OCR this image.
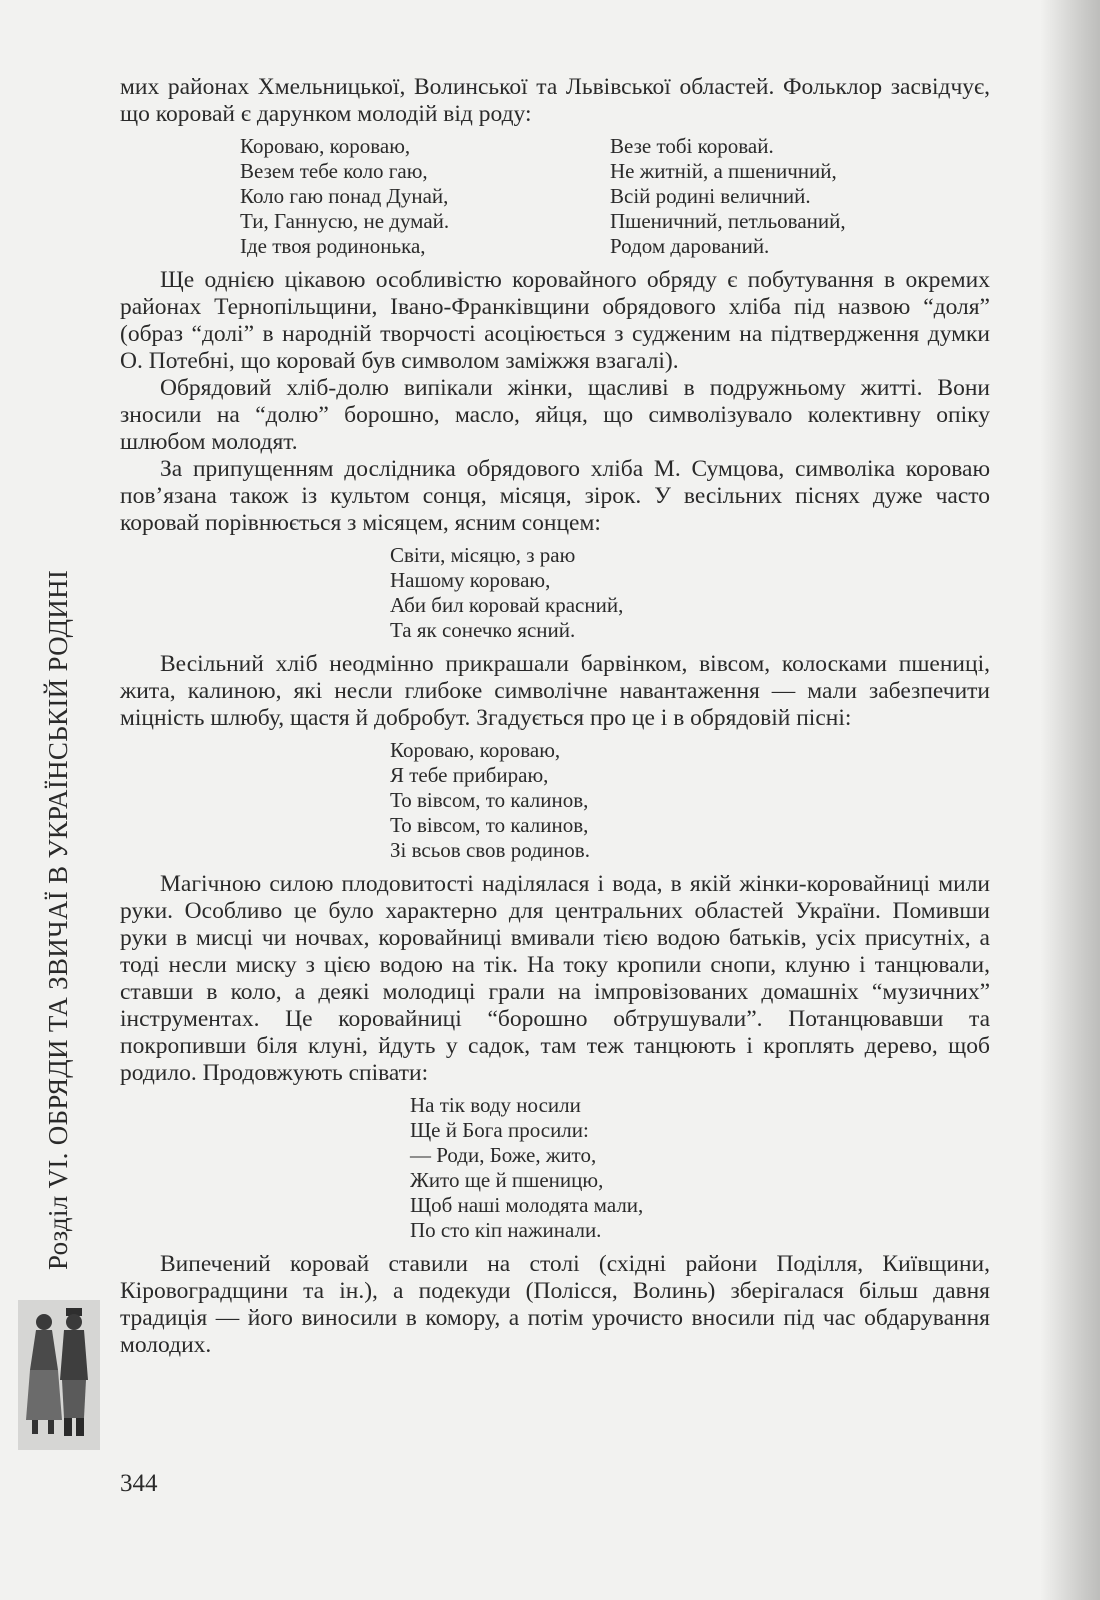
Розділ VI. ОБРЯДИ ТА ЗВИЧАЇ В УКРАЇНСЬКІЙ РОДИНІ

мих районах Хмельницької, Волинської та Львівської областей. Фольклор засвідчує, що коровай є дарунком молодій від роду:

Короваю, короваю,
Везем тебе коло гаю,
Коло гаю понад Дунай,
Ти, Ганнусю, не думай.
Іде твоя родинонька,
Везе тобі коровай.
Не житній, а пшеничний,
Всій родині величний.
Пшеничний, петльований,
Родом дарований.

Ще однією цікавою особливістю коровайного обряду є побутування в окремих районах Тернопільщини, Івано-Франківщини обрядового хліба під назвою “доля” (образ “долі” в народній творчості асоціюється з судженим на підтвердження думки О. Потебні, що коровай був символом заміжжя взагалі).

Обрядовий хліб-долю випікали жінки, щасливі в подружньому житті. Вони зносили на “долю” борошно, масло, яйця, що символізувало колективну опіку шлюбом молодят.

За припущенням дослідника обрядового хліба М. Сумцова, символіка короваю пов’язана також із культом сонця, місяця, зірок. У весільних піснях дуже часто коровай порівнюється з місяцем, ясним сонцем:

Світи, місяцю, з раю
Нашому короваю,
Аби бил коровай красний,
Та як сонечко ясний.

Весільний хліб неодмінно прикрашали барвінком, вівсом, колосками пшениці, жита, калиною, які несли глибоке символічне навантаження — мали забезпечити міцність шлюбу, щастя й добробут. Згадується про це і в обрядовій пісні:

Короваю, короваю,
Я тебе прибираю,
То вівсом, то калинов,
То вівсом, то калинов,
Зі всьов свов родинов.

Магічною силою плодовитості наділялася і вода, в якій жінки-коровайниці мили руки. Особливо це було характерно для центральних областей України. Помивши руки в мисці чи ночвах, коровайниці вмивали тією водою батьків, усіх присутніх, а тоді несли миску з цією водою на тік. На току кропили снопи, клуню і танцювали, ставши в коло, а деякі молодиці грали на імпровізованих домашніх “музичних” інструментах. Це коровайниці “борошно обтрушували”. Потанцювавши та покропивши біля клуні, йдуть у садок, там теж танцюють і кроплять дерево, щоб родило. Продовжують співати:

На тік воду носили
Ще й Бога просили:
— Роди, Боже, жито,
Жито ще й пшеницю,
Щоб наші молодята мали,
По сто кіп нажинали.

Випечений коровай ставили на столі (східні райони Поділля, Київщини, Кіровоградщини та ін.), а подекуди (Полісся, Волинь) зберігалася більш давня традиція — його виносили в комору, а потім урочисто вносили під час обдарування молодих.

344
